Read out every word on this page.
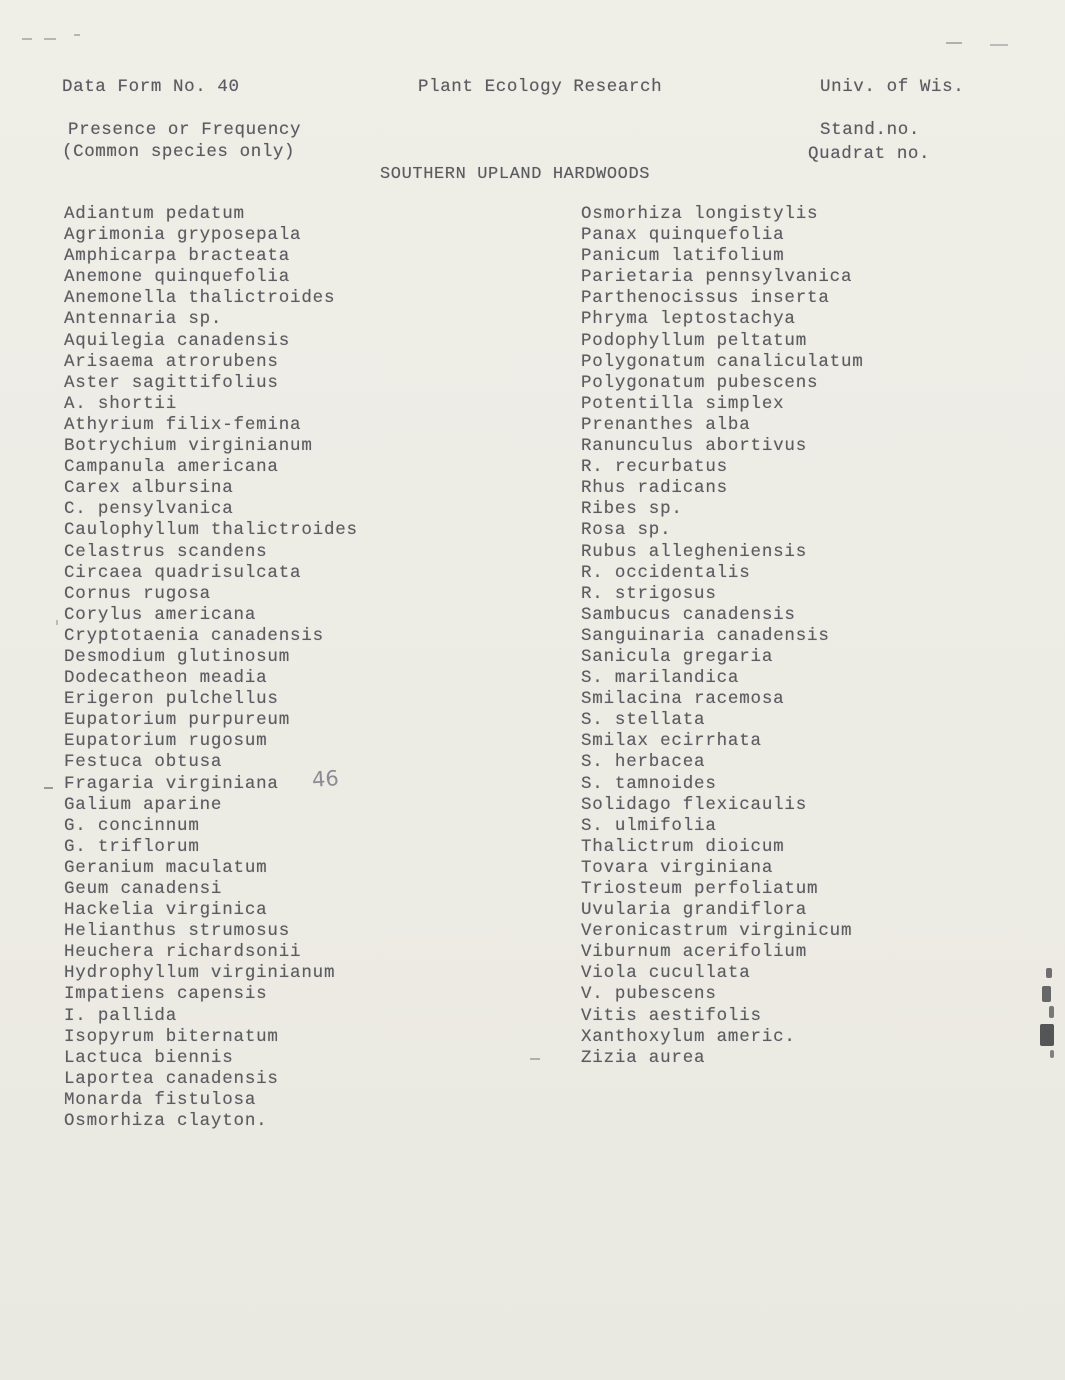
Data Form No. 40	Plant Ecology Research	Univ. of Wis.
Presence or Frequency
(Common species only)
Stand.no.
Quadrat no.
SOUTHERN UPLAND HARDWOODS
Adiantum pedatum
Agrimonia gryposepala
Amphicarpa bracteata
Anemone quinquefolia
Anemonella thalictroides
Antennaria sp.
Aquilegia canadensis
Arisaema atrorubens
Aster sagittifolius
A. shortii
Athyrium filix-femina
Botrychium virginianum
Campanula americana
Carex albursina
C. pensylvanica
Caulophyllum thalictroides
Celastrus scandens
Circaea quadrisulcata
Cornus rugosa
Corylus americana
Cryptotaenia canadensis
Desmodium glutinosum
Dodecatheon meadia
Erigeron pulchellus
Eupatorium purpureum
Eupatorium rugosum
Festuca obtusa
Fragaria virginiana
Galium aparine
G. concinnum
G. triflorum
Geranium maculatum
Geum canadensi
Hackelia virginica
Helianthus strumosus
Heuchera richardsonii
Hydrophyllum virginianum
Impatiens capensis
I. pallida
Isopyrum biternatum
Lactuca biennis
Laportea canadensis
Monarda fistulosa
Osmorhiza clayton.
Osmorhiza longistylis
Panax quinquefolia
Panicum latifolium
Parietaria pennsylvanica
Parthenocissus inserta
Phryma leptostachya
Podophyllum peltatum
Polygonatum canaliculatum
Polygonatum pubescens
Potentilla simplex
Prenanthes alba
Ranunculus abortivus
R. recurbatus
Rhus radicans
Ribes sp.
Rosa sp.
Rubus allegheniensis
R. occidentalis
R. strigosus
Sambucus canadensis
Sanguinaria canadensis
Sanicula gregaria
S. marilandica
Smilacina racemosa
S. stellata
Smilax ecirrhata
S. herbacea
S. tamnoides
Solidago flexicaulis
S. ulmifolia
Thalictrum dioicum
Tovara virginiana
Triosteum perfoliatum
Uvularia grandiflora
Veronicastrum virginicum
Viburnum acerifolium
Viola cucullata
V. pubescens
Vitis aestifolis
Xanthoxylum americ.
Zizia aurea
46
